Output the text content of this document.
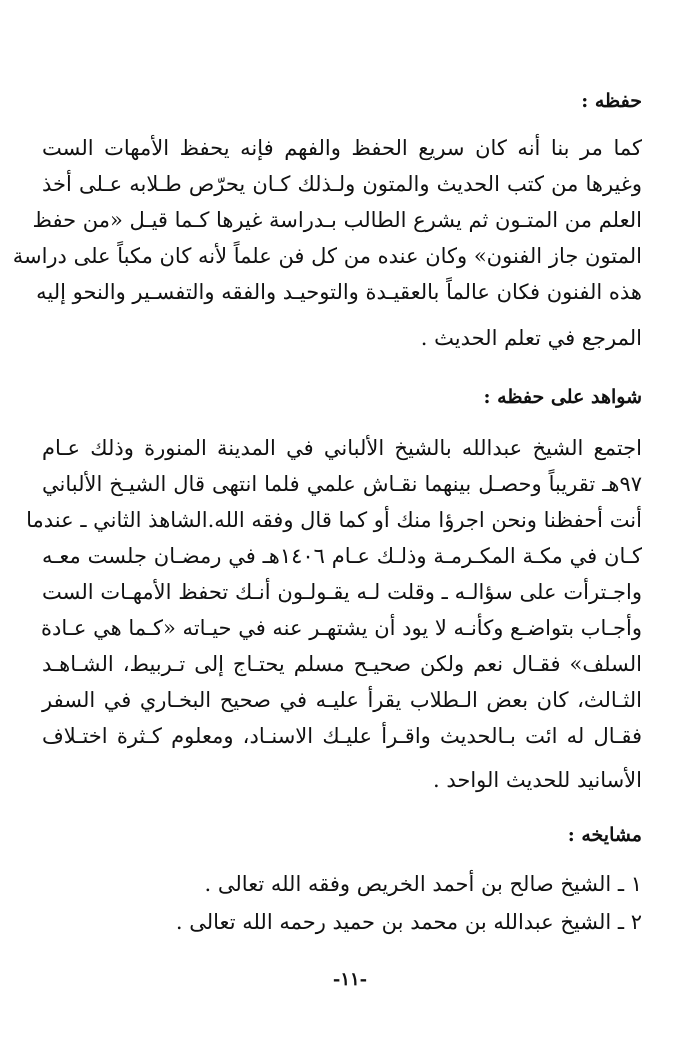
حفظه :
كما مر بنا أنه كان سريع الحفظ والفهم فإنه يحفظ الأمهات الست
وغيرها من كتب الحديث والمتون ولـذلك كـان يحرّص طـلابه عـلى أخذ
العلم من المتـون ثم يشرع الطالب بـدراسة غيرها كـما قيـل «من حفظ
المتون جاز الفنون» وكان عنده من كل فن علماً لأنه كان مكباً على دراسة
هذه الفنون فكان عالماً بالعقيـدة والتوحيـد والفقه والتفسـير والنحو إليه
المرجع في تعلم الحديث .
شواهد على حفظه :
اجتمع الشيخ عبدالله بالشيخ الألباني في المدينة المنورة وذلك عـام
٩٧هـ تقريباً وحصـل بينهما نقـاش علمي فلما انتهى قال الشيـخ الألباني
أنت أحفظنا ونحن اجرؤا منك أو كما قال وفقه الله.الشاهذ الثاني ـ عندما
كـان في مكـة المكـرمـة وذلـك عـام ١٤٠٦هـ في رمضـان جلست معـه
واجـترأت على سؤالـه ـ وقلت لـه يقـولـون أنـك تحفظ الأمهـات الست
وأجـاب بتواضـع وكأنـه لا يود أن يشتهـر عنه في حيـاته «كـما هي عـادة
السلف» فقـال نعم ولكن صحيـح مسلم يحتـاج إلى تـربيط، الشـاهـد
الثـالث، كان بعض الـطلاب يقرأ عليـه في صحيح البخـاري في السفر
فقـال له ائت بـالحديث واقـرأ عليـك الاسنـاد، ومعلوم كـثرة اختـلاف
الأسانيد للحديث الواحد .
مشايخه :
١ ـ الشيخ صالح بن أحمد الخريص وفقه الله تعالى .
٢ ـ الشيخ عبدالله بن محمد بن حميد رحمه الله تعالى .
-١١-
